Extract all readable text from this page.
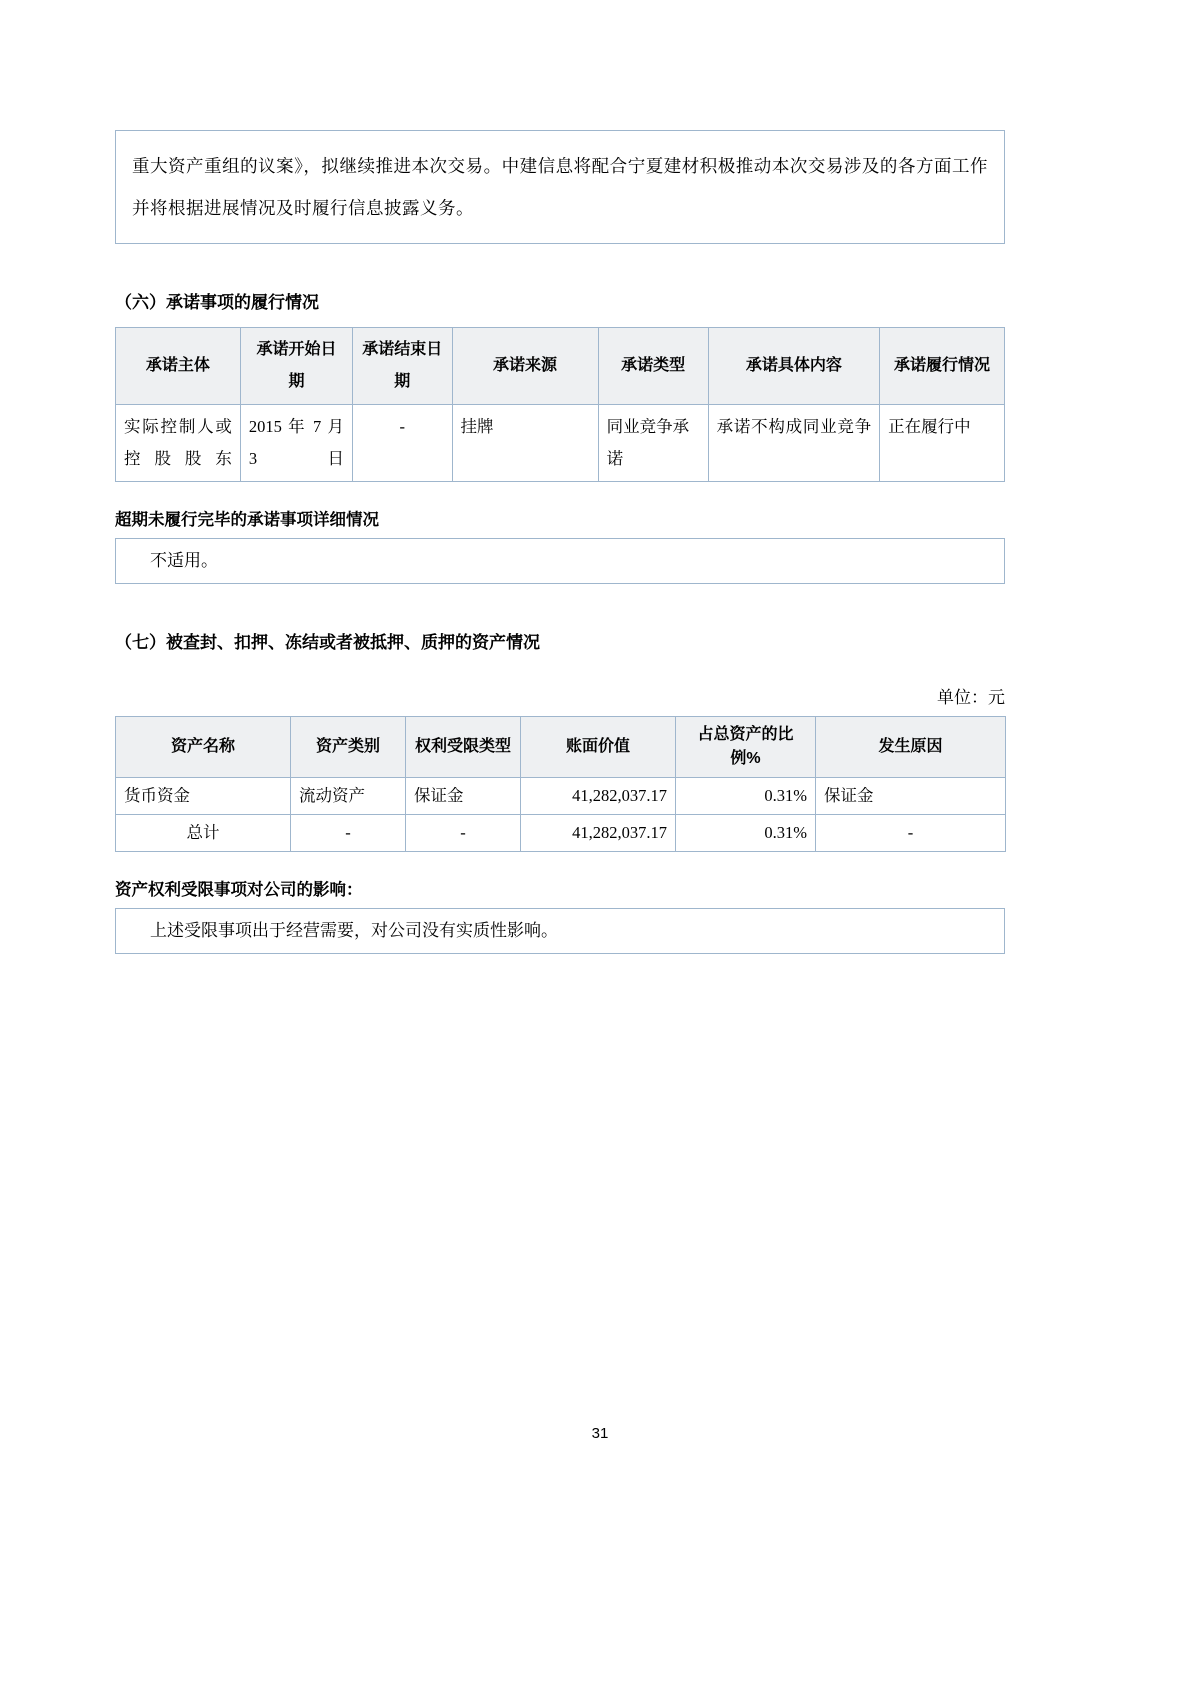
重大资产重组的议案》，拟继续推进本次交易。中建信息将配合宁夏建材积极推动本次交易涉及的各方面工作并将根据进展情况及时履行信息披露义务。

（六）承诺事项的履行情况
承诺主体	承诺开始日期	承诺结束日期	承诺来源	承诺类型	承诺具体内容	承诺履行情况
实际控制人或控股股东	2015 年 7 月 3 日	-	挂牌	同业竞争承诺	承诺不构成同业竞争	正在履行中
超期未履行完毕的承诺事项详细情况
不适用。
（七）被查封、扣押、冻结或者被抵押、质押的资产情况
单位：元
资产名称	资产类别	权利受限类型	账面价值	占总资产的比例%	发生原因
货币资金	流动资产	保证金	41,282,037.17	0.31%	保证金
总计	-	-	41,282,037.17	0.31%	-
资产权利受限事项对公司的影响：
上述受限事项出于经营需要，对公司没有实质性影响。
31
